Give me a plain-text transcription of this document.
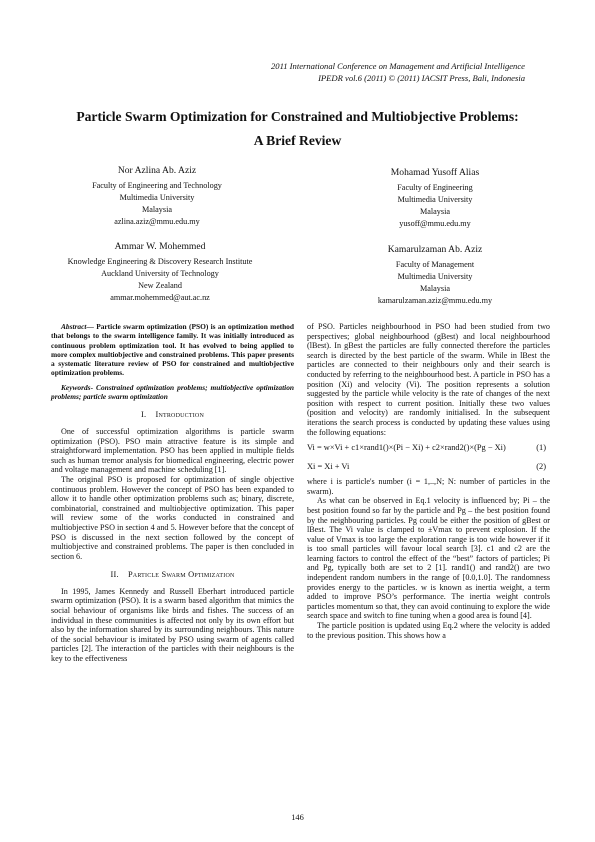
2011 International Conference on Management and Artificial Intelligence
IPEDR vol.6 (2011) © (2011) IACSIT Press, Bali, Indonesia
Particle Swarm Optimization for Constrained and Multiobjective Problems:
A Brief Review
Nor Azlina Ab. Aziz
Faculty of Engineering and Technology
Multimedia University
Malaysia
azlina.aziz@mmu.edu.my
Mohamad Yusoff Alias
Faculty of Engineering
Multimedia University
Malaysia
yusoff@mmu.edu.my
Ammar W. Mohemmed
Knowledge Engineering & Discovery Research Institute
Auckland University of Technology
New Zealand
ammar.mohemmed@aut.ac.nz
Kamarulzaman Ab. Aziz
Faculty of Management
Multimedia University
Malaysia
kamarulzaman.aziz@mmu.edu.my

Abstract— Particle swarm optimization (PSO) is an optimization method that belongs to the swarm intelligence family. It was initially introduced as continuous problem optimization tool. It has evolved to being applied to more complex multiobjective and constrained problems. This paper presents a systematic literature review of PSO for constrained and multiobjective optimization problems.

Keywords- Constrained optimization problems; multiobjective optimization problems; particle swarm optimization

I. Introduction

One of successful optimization algorithms is particle swarm optimization (PSO). PSO main attractive feature is its simple and straightforward implementation. PSO has been applied in multiple fields such as human tremor analysis for biomedical engineering, electric power and voltage management and machine scheduling [1].

The original PSO is proposed for optimization of single objective continuous problem. However the concept of PSO has been expanded to allow it to handle other optimization problems such as; binary, discrete, combinatorial, constrained and multiobjective optimization. This paper will review some of the works conducted in constrained and multiobjective PSO in section 4 and 5. However before that the concept of PSO is discussed in the next section followed by the concept of multiobjective and constrained problems. The paper is then concluded in section 6.

II. Particle Swarm Optimization

In 1995, James Kennedy and Russell Eberhart introduced particle swarm optimization (PSO). It is a swarm based algorithm that mimics the social behaviour of organisms like birds and fishes. The success of an individual in these communities is affected not only by its own effort but also by the information shared by its surrounding neighbours. This nature of the social behaviour is imitated by PSO using swarm of agents called particles [2]. The interaction of the particles with their neighbours is the key to the effectiveness

of PSO. Particles neighbourhood in PSO had been studied from two perspectives; global neighbourhood (gBest) and local neighbourhood (lBest). In gBest the particles are fully connected therefore the particles search is directed by the best particle of the swarm. While in lBest the particles are connected to their neighbours only and their search is conducted by referring to the neighbourhood best. A particle in PSO has a position (Xi) and velocity (Vi). The position represents a solution suggested by the particle while velocity is the rate of changes of the next position with respect to current position. Initially these two values (position and velocity) are randomly initialised. In the subsequent iterations the search process is conducted by updating these values using the following equations:

Vi = w×Vi + c1×rand1()×(Pi − Xi) + c2×rand2()×(Pg − Xi)	(1)

Xi = Xi + Vi	(2)

where i is particle's number (i = 1,..,N; N: number of particles in the swarm).

As what can be observed in Eq.1 velocity is influenced by; Pi – the best position found so far by the particle and Pg – the best position found by the neighbouring particles. Pg could be either the position of gBest or lBest. The Vi value is clamped to ±Vmax to prevent explosion. If the value of Vmax is too large the exploration range is too wide however if it is too small particles will favour local search [3]. c1 and c2 are the learning factors to control the effect of the “best” factors of particles; Pi and Pg, typically both are set to 2 [1]. rand1() and rand2() are two independent random numbers in the range of [0.0,1.0]. The randomness provides energy to the particles. w is known as inertia weight, a term added to improve PSO’s performance. The inertia weight controls particles momentum so that, they can avoid continuing to explore the wide search space and switch to fine tuning when a good area is found [4].

The particle position is updated using Eq.2 where the velocity is added to the previous position. This shows how a

146
